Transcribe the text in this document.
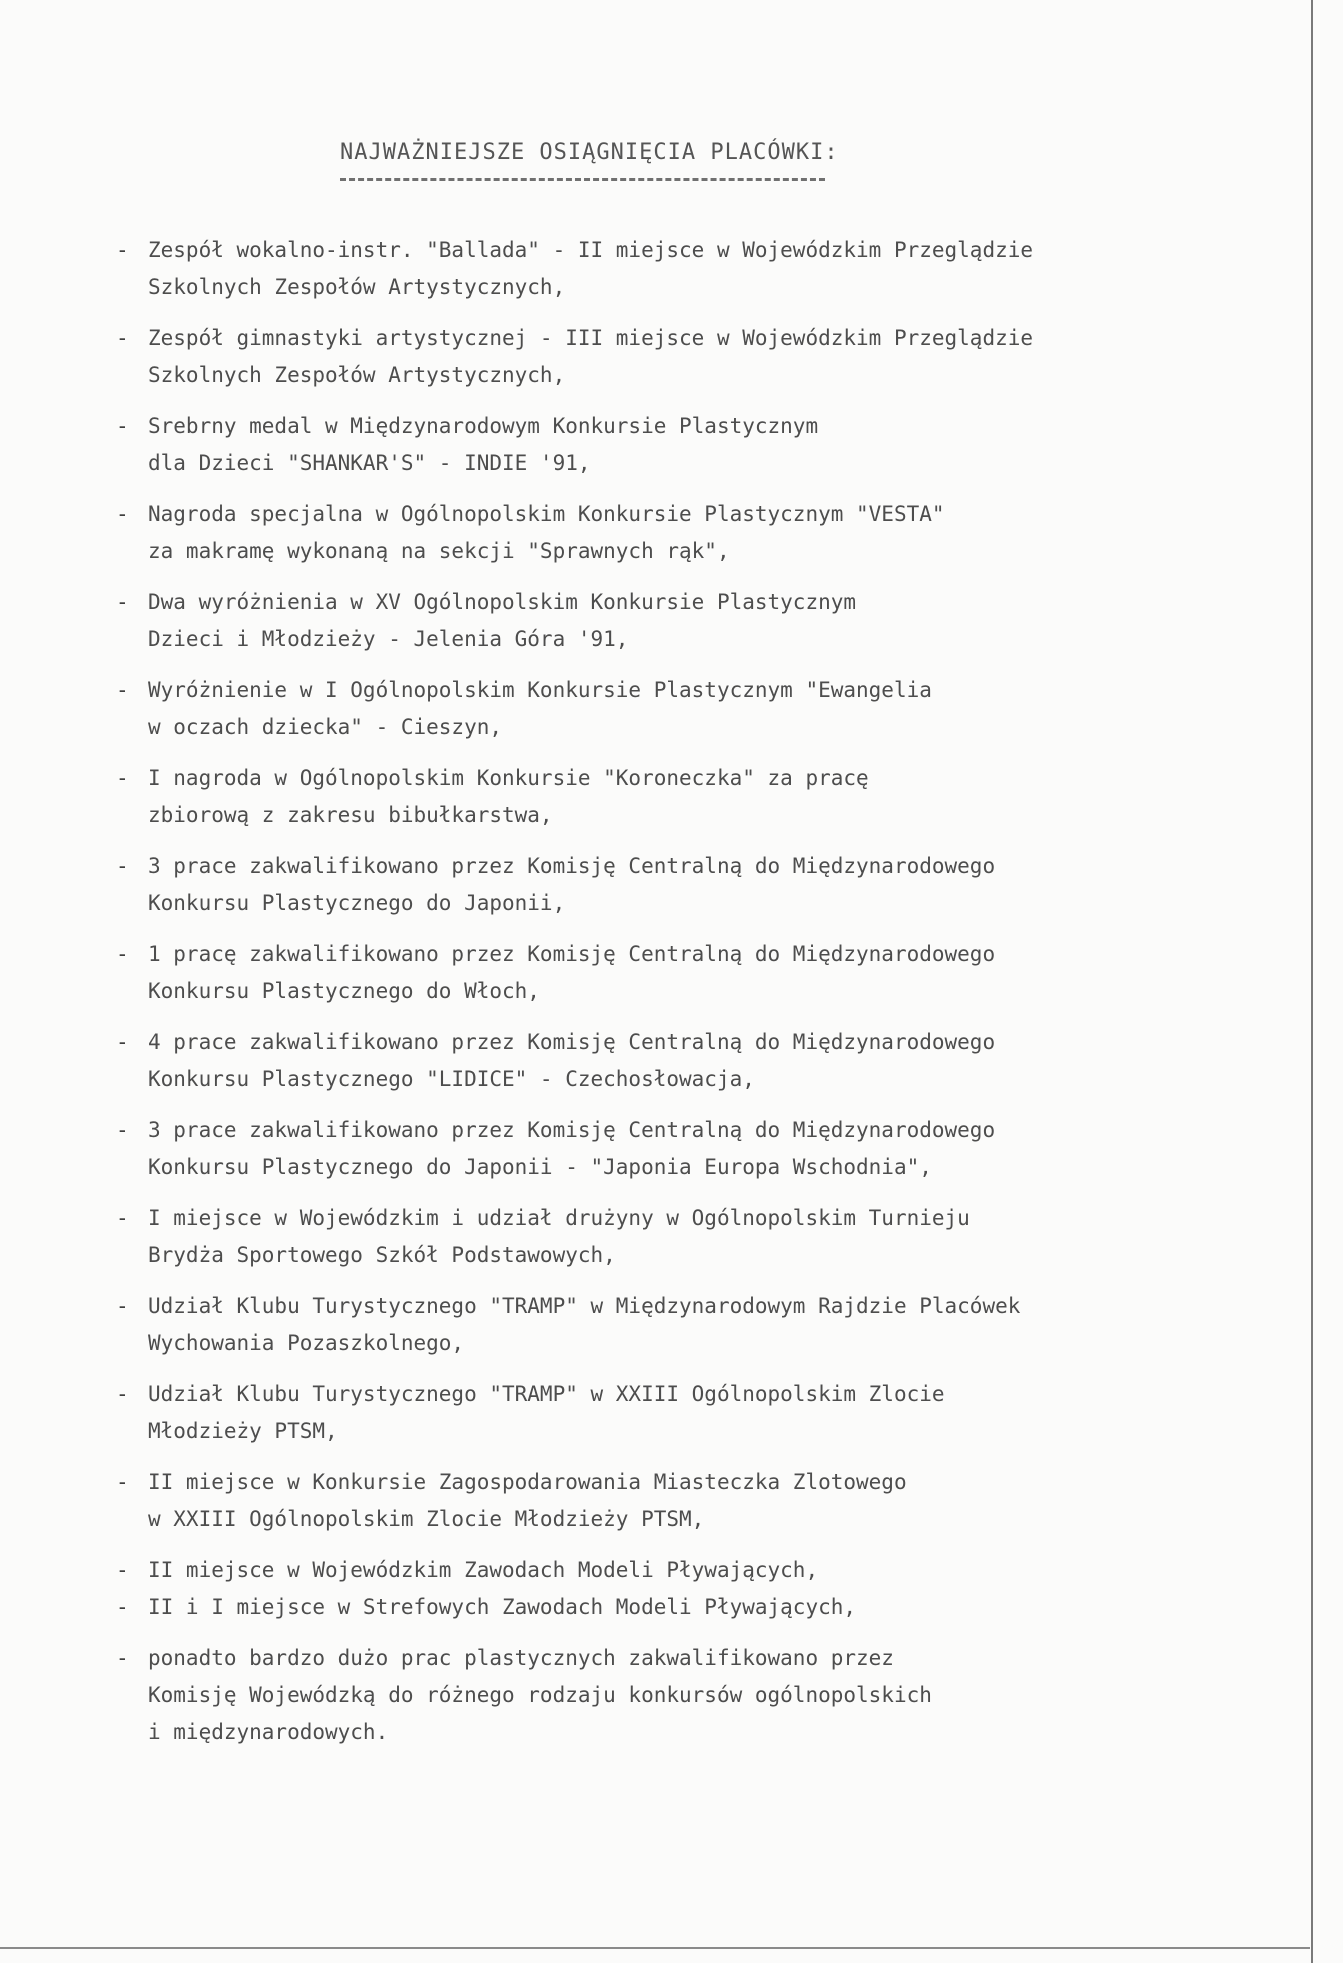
NAJWAŻNIEJSZE OSIĄGNIĘCIA PLACÓWKI:
- Zespół wokalno-instr. "Ballada" - II miejsce w Wojewódzkim Przeglądzie
Szkolnych Zespołów Artystycznych,
- Zespół gimnastyki artystycznej - III miejsce w Wojewódzkim Przeglądzie
Szkolnych Zespołów Artystycznych,
- Srebrny medal w Międzynarodowym Konkursie Plastycznym
dla Dzieci "SHANKAR'S" - INDIE '91,
- Nagroda specjalna w Ogólnopolskim Konkursie Plastycznym "VESTA"
za makramę wykonaną na sekcji "Sprawnych rąk",
- Dwa wyróżnienia w XV Ogólnopolskim Konkursie Plastycznym
Dzieci i Młodzieży - Jelenia Góra '91,
- Wyróżnienie w I Ogólnopolskim Konkursie Plastycznym "Ewangelia
w oczach dziecka" - Cieszyn,
- I nagroda w Ogólnopolskim Konkursie "Koroneczka" za pracę
zbiorową z zakresu bibułkarstwa,
- 3 prace zakwalifikowano przez Komisję Centralną do Międzynarodowego
Konkursu Plastycznego do Japonii,
- 1 pracę zakwalifikowano przez Komisję Centralną do Międzynarodowego
Konkursu Plastycznego do Włoch,
- 4 prace zakwalifikowano przez Komisję Centralną do Międzynarodowego
Konkursu Plastycznego "LIDICE" - Czechosłowacja,
- 3 prace zakwalifikowano przez Komisję Centralną do Międzynarodowego
Konkursu Plastycznego do Japonii - "Japonia Europa Wschodnia",
- I miejsce w Wojewódzkim i udział drużyny w Ogólnopolskim Turnieju
Brydża Sportowego Szkół Podstawowych,
- Udział Klubu Turystycznego "TRAMP" w Międzynarodowym Rajdzie Placówek
Wychowania Pozaszkolnego,
- Udział Klubu Turystycznego "TRAMP" w XXIII Ogólnopolskim Zlocie
Młodzieży PTSM,
- II miejsce w Konkursie Zagospodarowania Miasteczka Zlotowego
w XXIII Ogólnopolskim Zlocie Młodzieży PTSM,
- II miejsce w Wojewódzkim Zawodach Modeli Pływających,
- II i I miejsce w Strefowych Zawodach Modeli Pływających,
- ponadto bardzo dużo prac plastycznych zakwalifikowano przez
Komisję Wojewódzką do różnego rodzaju konkursów ogólnopolskich
i międzynarodowych.
